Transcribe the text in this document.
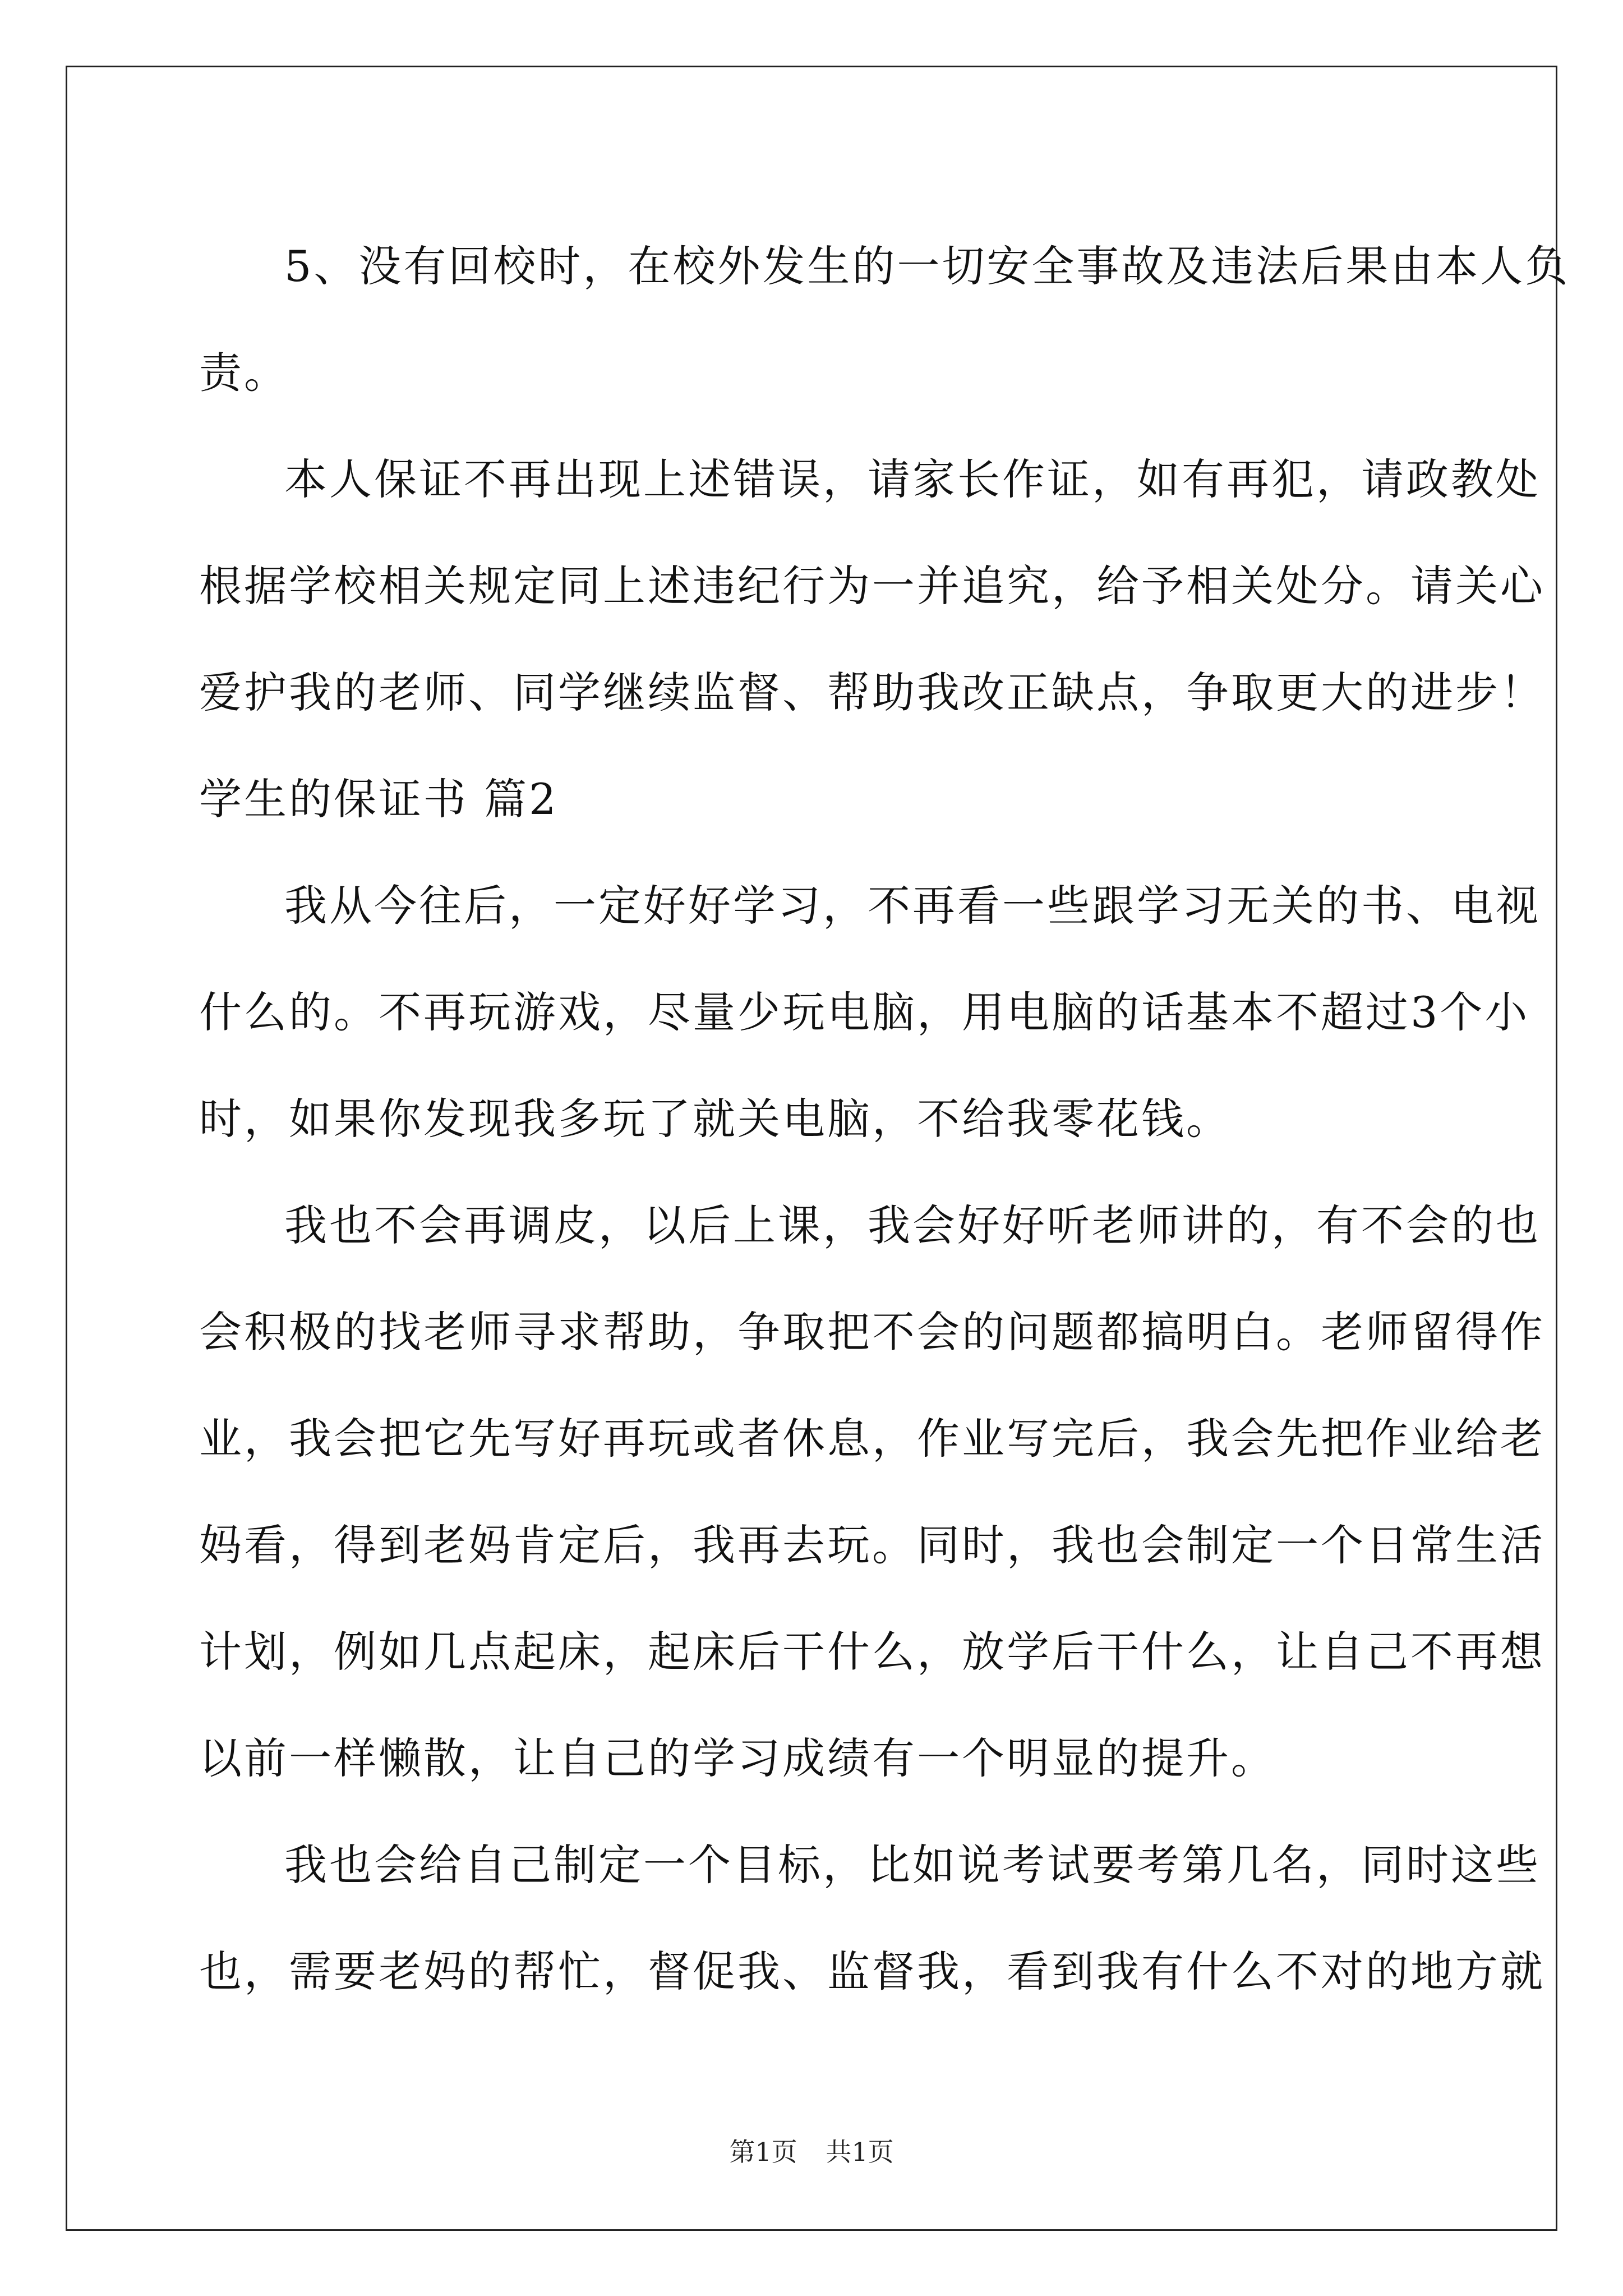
5、没有回校时，在校外发生的一切安全事故及违法后果由本人负

责。

本人保证不再出现上述错误，请家长作证，如有再犯，请政教处

根据学校相关规定同上述违纪行为一并追究，给予相关处分。请关心

爱护我的老师、同学继续监督、帮助我改正缺点，争取更大的进步！

学生的保证书 篇2

我从今往后，一定好好学习，不再看一些跟学习无关的书、电视

什么的。不再玩游戏，尽量少玩电脑，用电脑的话基本不超过3个小

时，如果你发现我多玩了就关电脑，不给我零花钱。

我也不会再调皮，以后上课，我会好好听老师讲的，有不会的也

会积极的找老师寻求帮助，争取把不会的问题都搞明白。老师留得作

业，我会把它先写好再玩或者休息，作业写完后，我会先把作业给老

妈看，得到老妈肯定后，我再去玩。同时，我也会制定一个日常生活

计划，例如几点起床，起床后干什么，放学后干什么，让自己不再想

以前一样懒散，让自己的学习成绩有一个明显的提升。

我也会给自己制定一个目标，比如说考试要考第几名，同时这些

也，需要老妈的帮忙，督促我、监督我，看到我有什么不对的地方就

第1页 共1页
